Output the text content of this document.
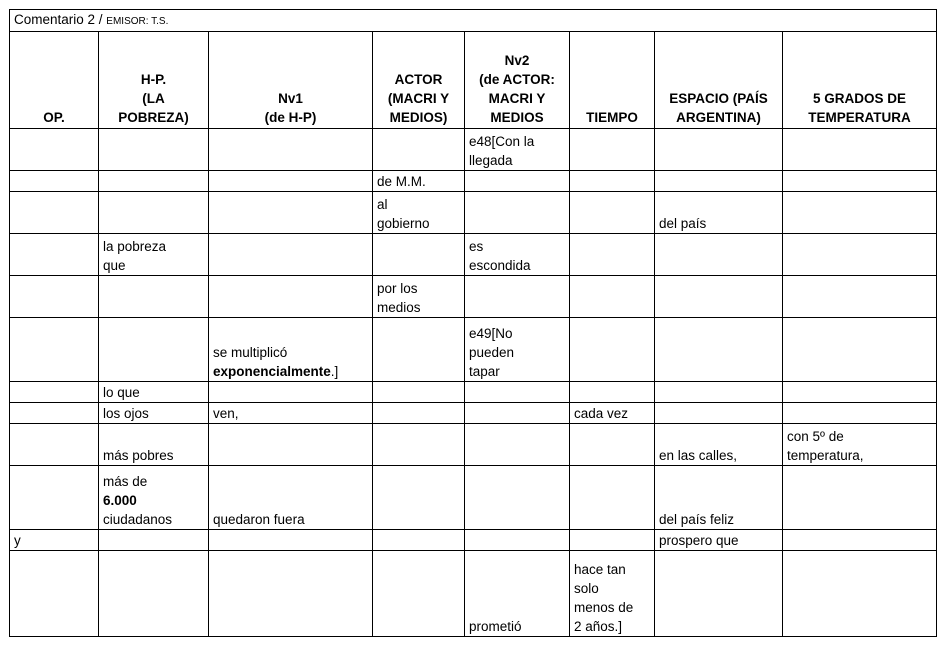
Comentario 2 / EMISOR: T.S.							
OP.	H-P.
(LA
POBREZA)	Nv1
(de H-P)	ACTOR
(MACRI Y
MEDIOS)	Nv2
(de ACTOR:
MACRI Y
MEDIOS	TIEMPO	ESPACIO (PAÍS
ARGENTINA)	5 GRADOS DE
TEMPERATURA
				e48[Con la
llegada			
			de M.M.				
			al
gobierno			del país	
	la pobreza
que			es
escondida			
			por los
medios				
		se multiplicó
exponencialmente.]		e49[No
pueden
tapar			
	lo que						
	los ojos	ven,			cada vez		
	más pobres					en las calles,	con 5º de
temperatura,
	más de
6.000
ciudadanos	quedaron fuera				del país feliz	
y						prospero que	
				prometió	hace tan
solo
menos de
2 años.]		
